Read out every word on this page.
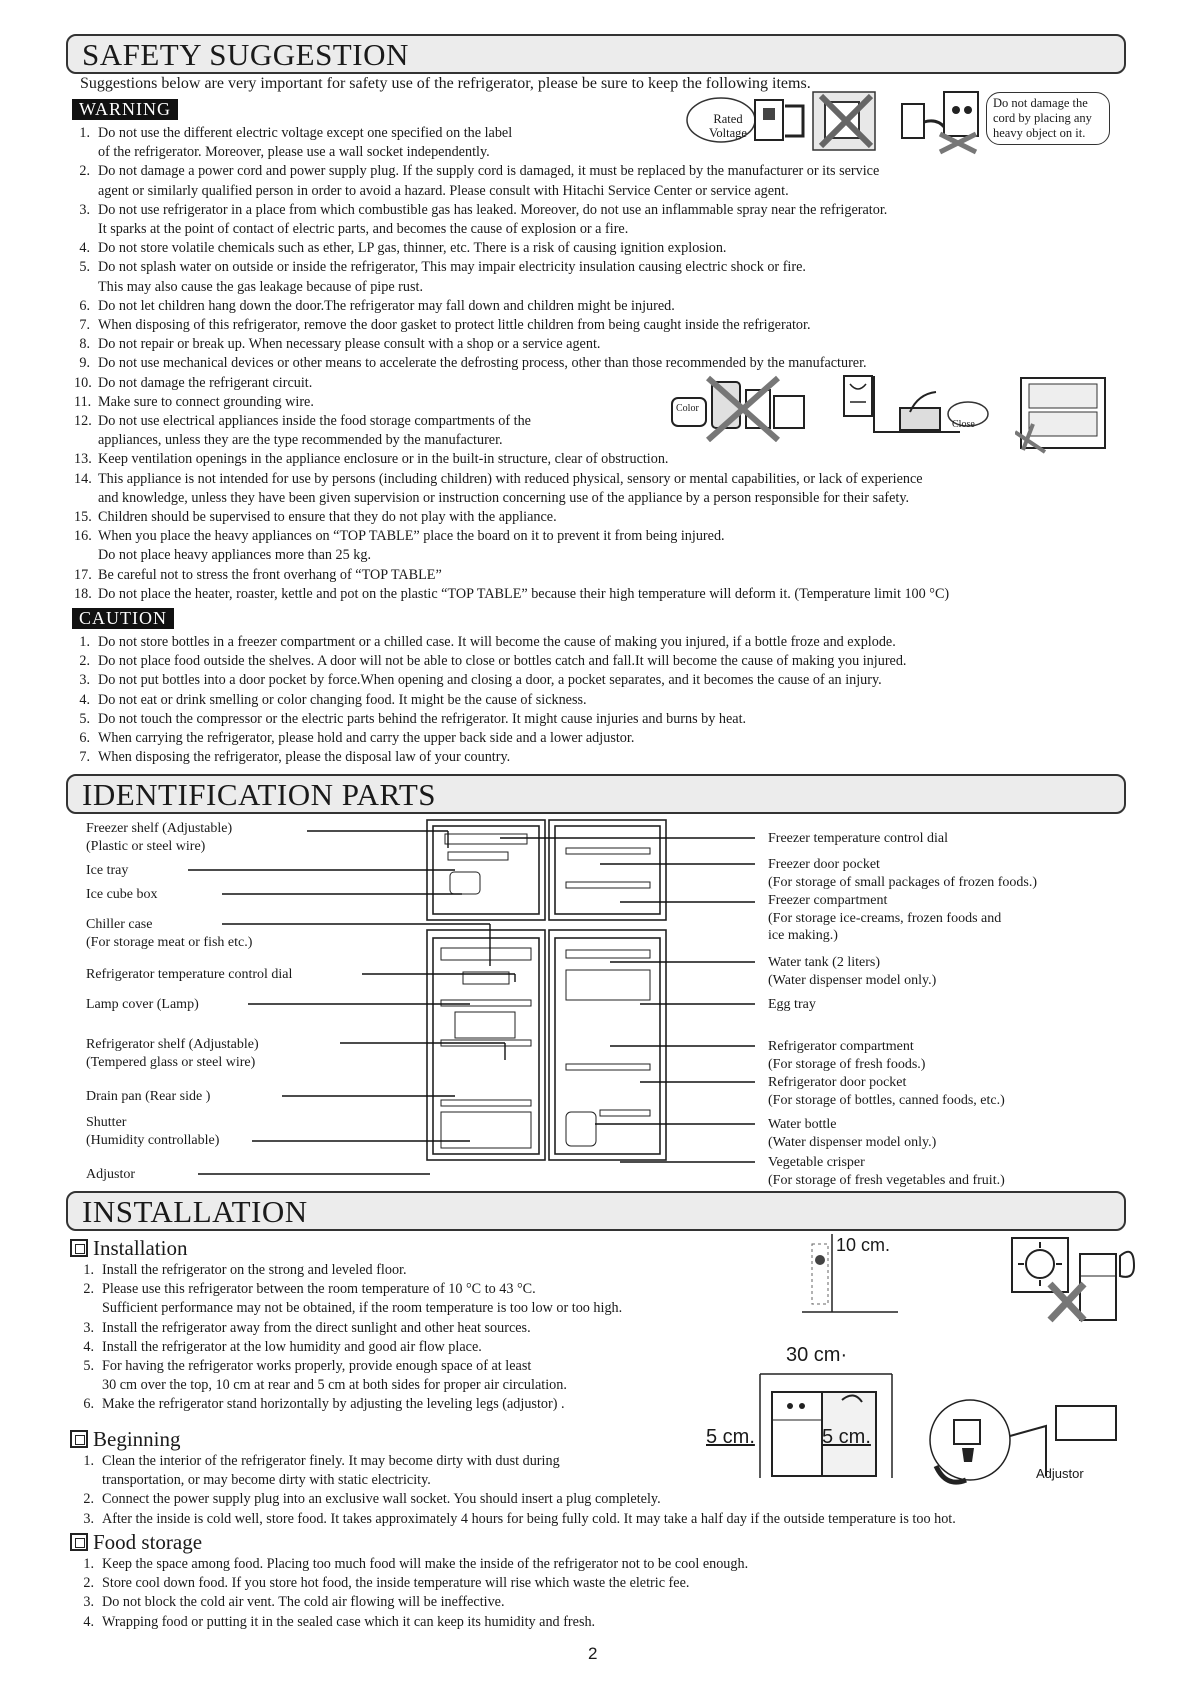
SAFETY SUGGESTION
Suggestions below are very important for safety use of the refrigerator, please be sure to keep the following items.
WARNING
1. Do not use the different electric voltage except one specified on the label
of the refrigerator. Moreover, please use a wall socket independently.
2. Do not damage a power cord and power supply plug. If the supply cord is damaged, it must be replaced by the manufacturer or its service
agent or similarly qualified person in order to avoid a hazard. Please consult with Hitachi Service Center or service agent.
3. Do not use refrigerator in a place from which combustible gas has leaked. Moreover, do not use an inflammable spray near the refrigerator.
It sparks at the point of contact of electric parts, and becomes the cause of explosion or a fire.
4. Do not store volatile chemicals such as ether, LP gas, thinner, etc. There is a risk of causing ignition explosion.
5. Do not splash water on outside or inside the refrigerator, This may impair electricity insulation causing electric shock or fire.
This may also cause the gas leakage because of pipe rust.
6. Do not let children hang down the door.The refrigerator may fall down and children might be injured.
7. When disposing of this refrigerator, remove the door gasket to protect little children from being caught inside the refrigerator.
8. Do not repair or break up. When necessary please consult with a shop or a service agent.
9. Do not use mechanical devices or other means to accelerate the defrosting process, other than those recommended by the manufacturer.
10. Do not damage the refrigerant circuit.
11. Make sure to connect grounding wire.
12. Do not use electrical appliances inside the food storage compartments of the
appliances, unless they are the type recommended by the manufacturer.
13. Keep ventilation openings in the appliance enclosure or in the built-in structure, clear of obstruction.
14. This appliance is not intended for use by persons (including children) with reduced physical, sensory or mental capabilities, or lack of experience
and knowledge, unless they have been given supervision or instruction concerning use of the appliance by a person responsible for their safety.
15. Children should be supervised to ensure that they do not play with the appliance.
16. When you place the heavy appliances on “TOP TABLE” place the board on it to prevent it from being injured.
Do not place heavy appliances more than 25 kg.
17. Be careful not to stress the front overhang of “TOP TABLE”
18. Do not place the heater, roaster, kettle and pot on the plastic “TOP TABLE” because their high temperature will deform it. (Temperature limit 100 °C)
Rated
Voltage
Do not damage the
cord by placing any
heavy object on it.
Color
Close
CAUTION
1. Do not store bottles in a freezer compartment or a chilled case. It will become the cause of making you injured, if a bottle froze and explode.
2. Do not place food outside the shelves. A door will not be able to close or bottles catch and fall.It will become the cause of making you injured.
3. Do not put bottles into a door pocket by force.When opening and closing a door, a pocket separates, and it becomes the cause of an injury.
4. Do not eat or drink smelling or color changing food. It might be the cause of sickness.
5. Do not touch the compressor or the electric parts behind the refrigerator. It might cause injuries and burns by heat.
6. When carrying the refrigerator, please hold and carry the upper back side and a lower adjustor.
7. When disposing the refrigerator, please the disposal law of your country.
IDENTIFICATION PARTS
Freezer shelf (Adjustable)
(Plastic or steel wire)
Ice tray
Ice cube box
Chiller case
(For storage meat or fish etc.)
Refrigerator temperature control dial
Lamp cover (Lamp)
Refrigerator shelf (Adjustable)
(Tempered glass or steel wire)
Drain pan (Rear side )
Shutter
(Humidity controllable)
Adjustor
Freezer temperature control dial
Freezer door pocket
(For storage of small packages of frozen foods.)
Freezer compartment
(For storage ice-creams, frozen foods and
ice making.)
Water tank (2 liters)
(Water dispenser model only.)
Egg tray
Refrigerator compartment
(For storage of fresh foods.)
Refrigerator door pocket
(For storage of bottles, canned foods, etc.)
Water bottle
(Water dispenser model only.)
Vegetable crisper
(For storage of fresh vegetables and fruit.)
INSTALLATION
Installation
1. Install the refrigerator on the strong and leveled floor.
2. Please use this refrigerator between the room temperature of 10 °C to 43 °C.
Sufficient performance may not be obtained, if the room temperature is too low or too high.
3. Install the refrigerator away from the direct sunlight and other heat sources.
4. Install the refrigerator at the low humidity and good air flow place.
5. For having the refrigerator works properly, provide enough space of at least
30 cm over the top, 10 cm at rear and 5 cm at both sides for proper air circulation.
6. Make the refrigerator stand horizontally by adjusting the leveling legs (adjustor) .
Beginning
1. Clean the interior of the refrigerator finely. It may become dirty with dust during
transportation, or may become dirty with static electricity.
2. Connect the power supply plug into an exclusive wall socket. You should insert a plug completely.
3. After the inside is cold well, store food. It takes approximately 4 hours for being fully cold. It may take a half day if the outside temperature is too hot.
Food storage
1. Keep the space among food. Placing too much food will make the inside of the refrigerator not to be cool enough.
2. Store cool down food. If you store hot food, the inside temperature will rise which waste the eletric fee.
3. Do not block the cold air vent. The cold air flowing will be ineffective.
4. Wrapping food or putting it in the sealed case which it can keep its humidity and fresh.
10 cm.
30 cm·
5 cm.	5 cm.
Adjustor
2
